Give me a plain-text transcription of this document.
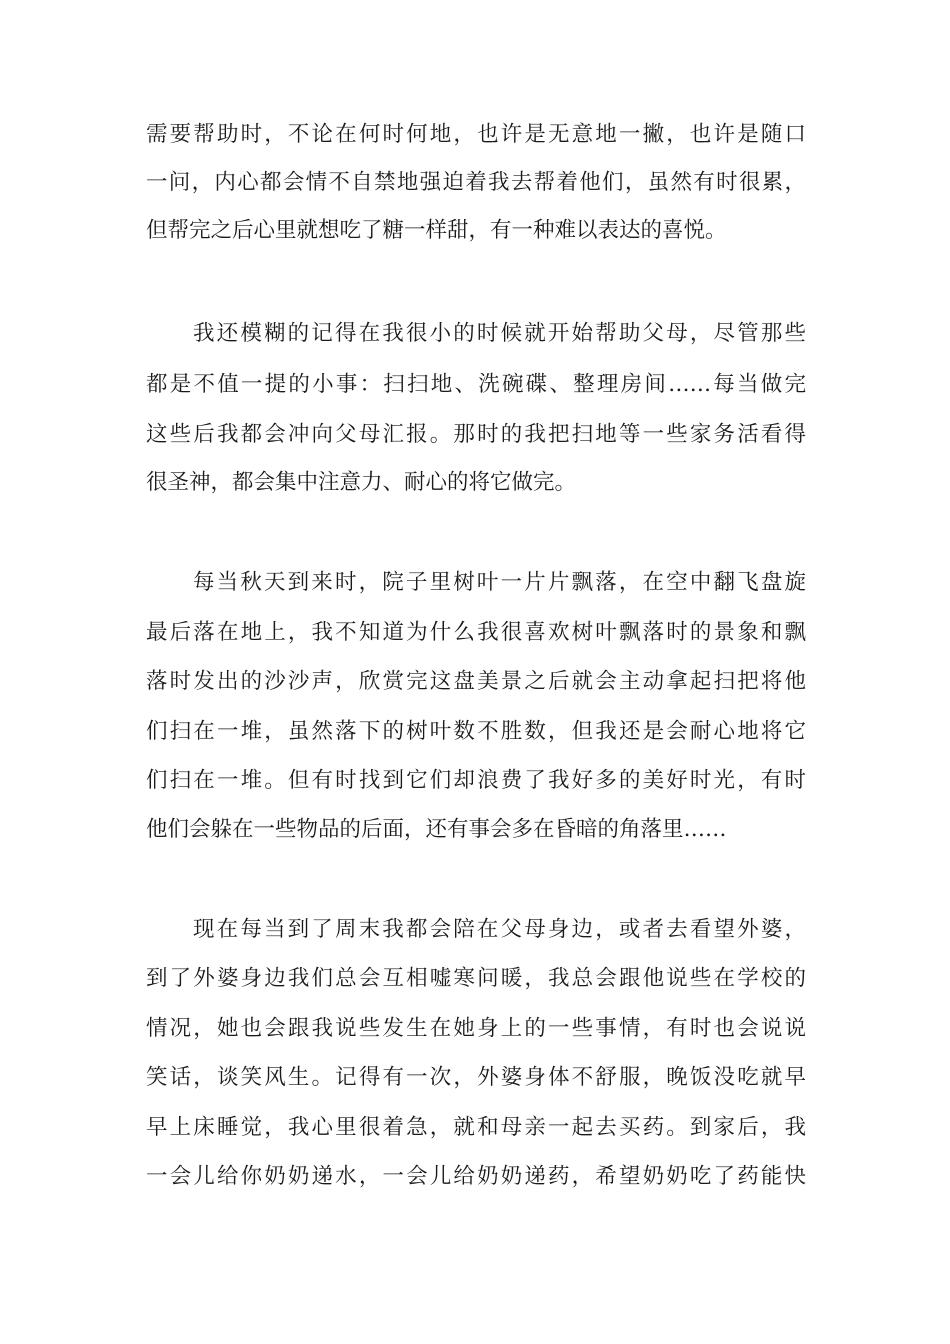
需要帮助时，不论在何时何地，也许是无意地一撇，也许是随口

一问，内心都会情不自禁地强迫着我去帮着他们，虽然有时很累，

但帮完之后心里就想吃了糖一样甜，有一种难以表达的喜悦。

我还模糊的记得在我很小的时候就开始帮助父母，尽管那些

都是不值一提的小事：扫扫地、洗碗碟、整理房间……每当做完

这些后我都会冲向父母汇报。那时的我把扫地等一些家务活看得

很圣神，都会集中注意力、耐心的将它做完。

每当秋天到来时，院子里树叶一片片飘落，在空中翻飞盘旋

最后落在地上，我不知道为什么我很喜欢树叶飘落时的景象和飘

落时发出的沙沙声，欣赏完这盘美景之后就会主动拿起扫把将他

们扫在一堆，虽然落下的树叶数不胜数，但我还是会耐心地将它

们扫在一堆。但有时找到它们却浪费了我好多的美好时光，有时

他们会躲在一些物品的后面，还有事会多在昏暗的角落里……

现在每当到了周末我都会陪在父母身边，或者去看望外婆，

到了外婆身边我们总会互相嘘寒问暖，我总会跟他说些在学校的

情况，她也会跟我说些发生在她身上的一些事情，有时也会说说

笑话，谈笑风生。记得有一次，外婆身体不舒服，晚饭没吃就早

早上床睡觉，我心里很着急，就和母亲一起去买药。到家后，我

一会儿给你奶奶递水，一会儿给奶奶递药，希望奶奶吃了药能快
